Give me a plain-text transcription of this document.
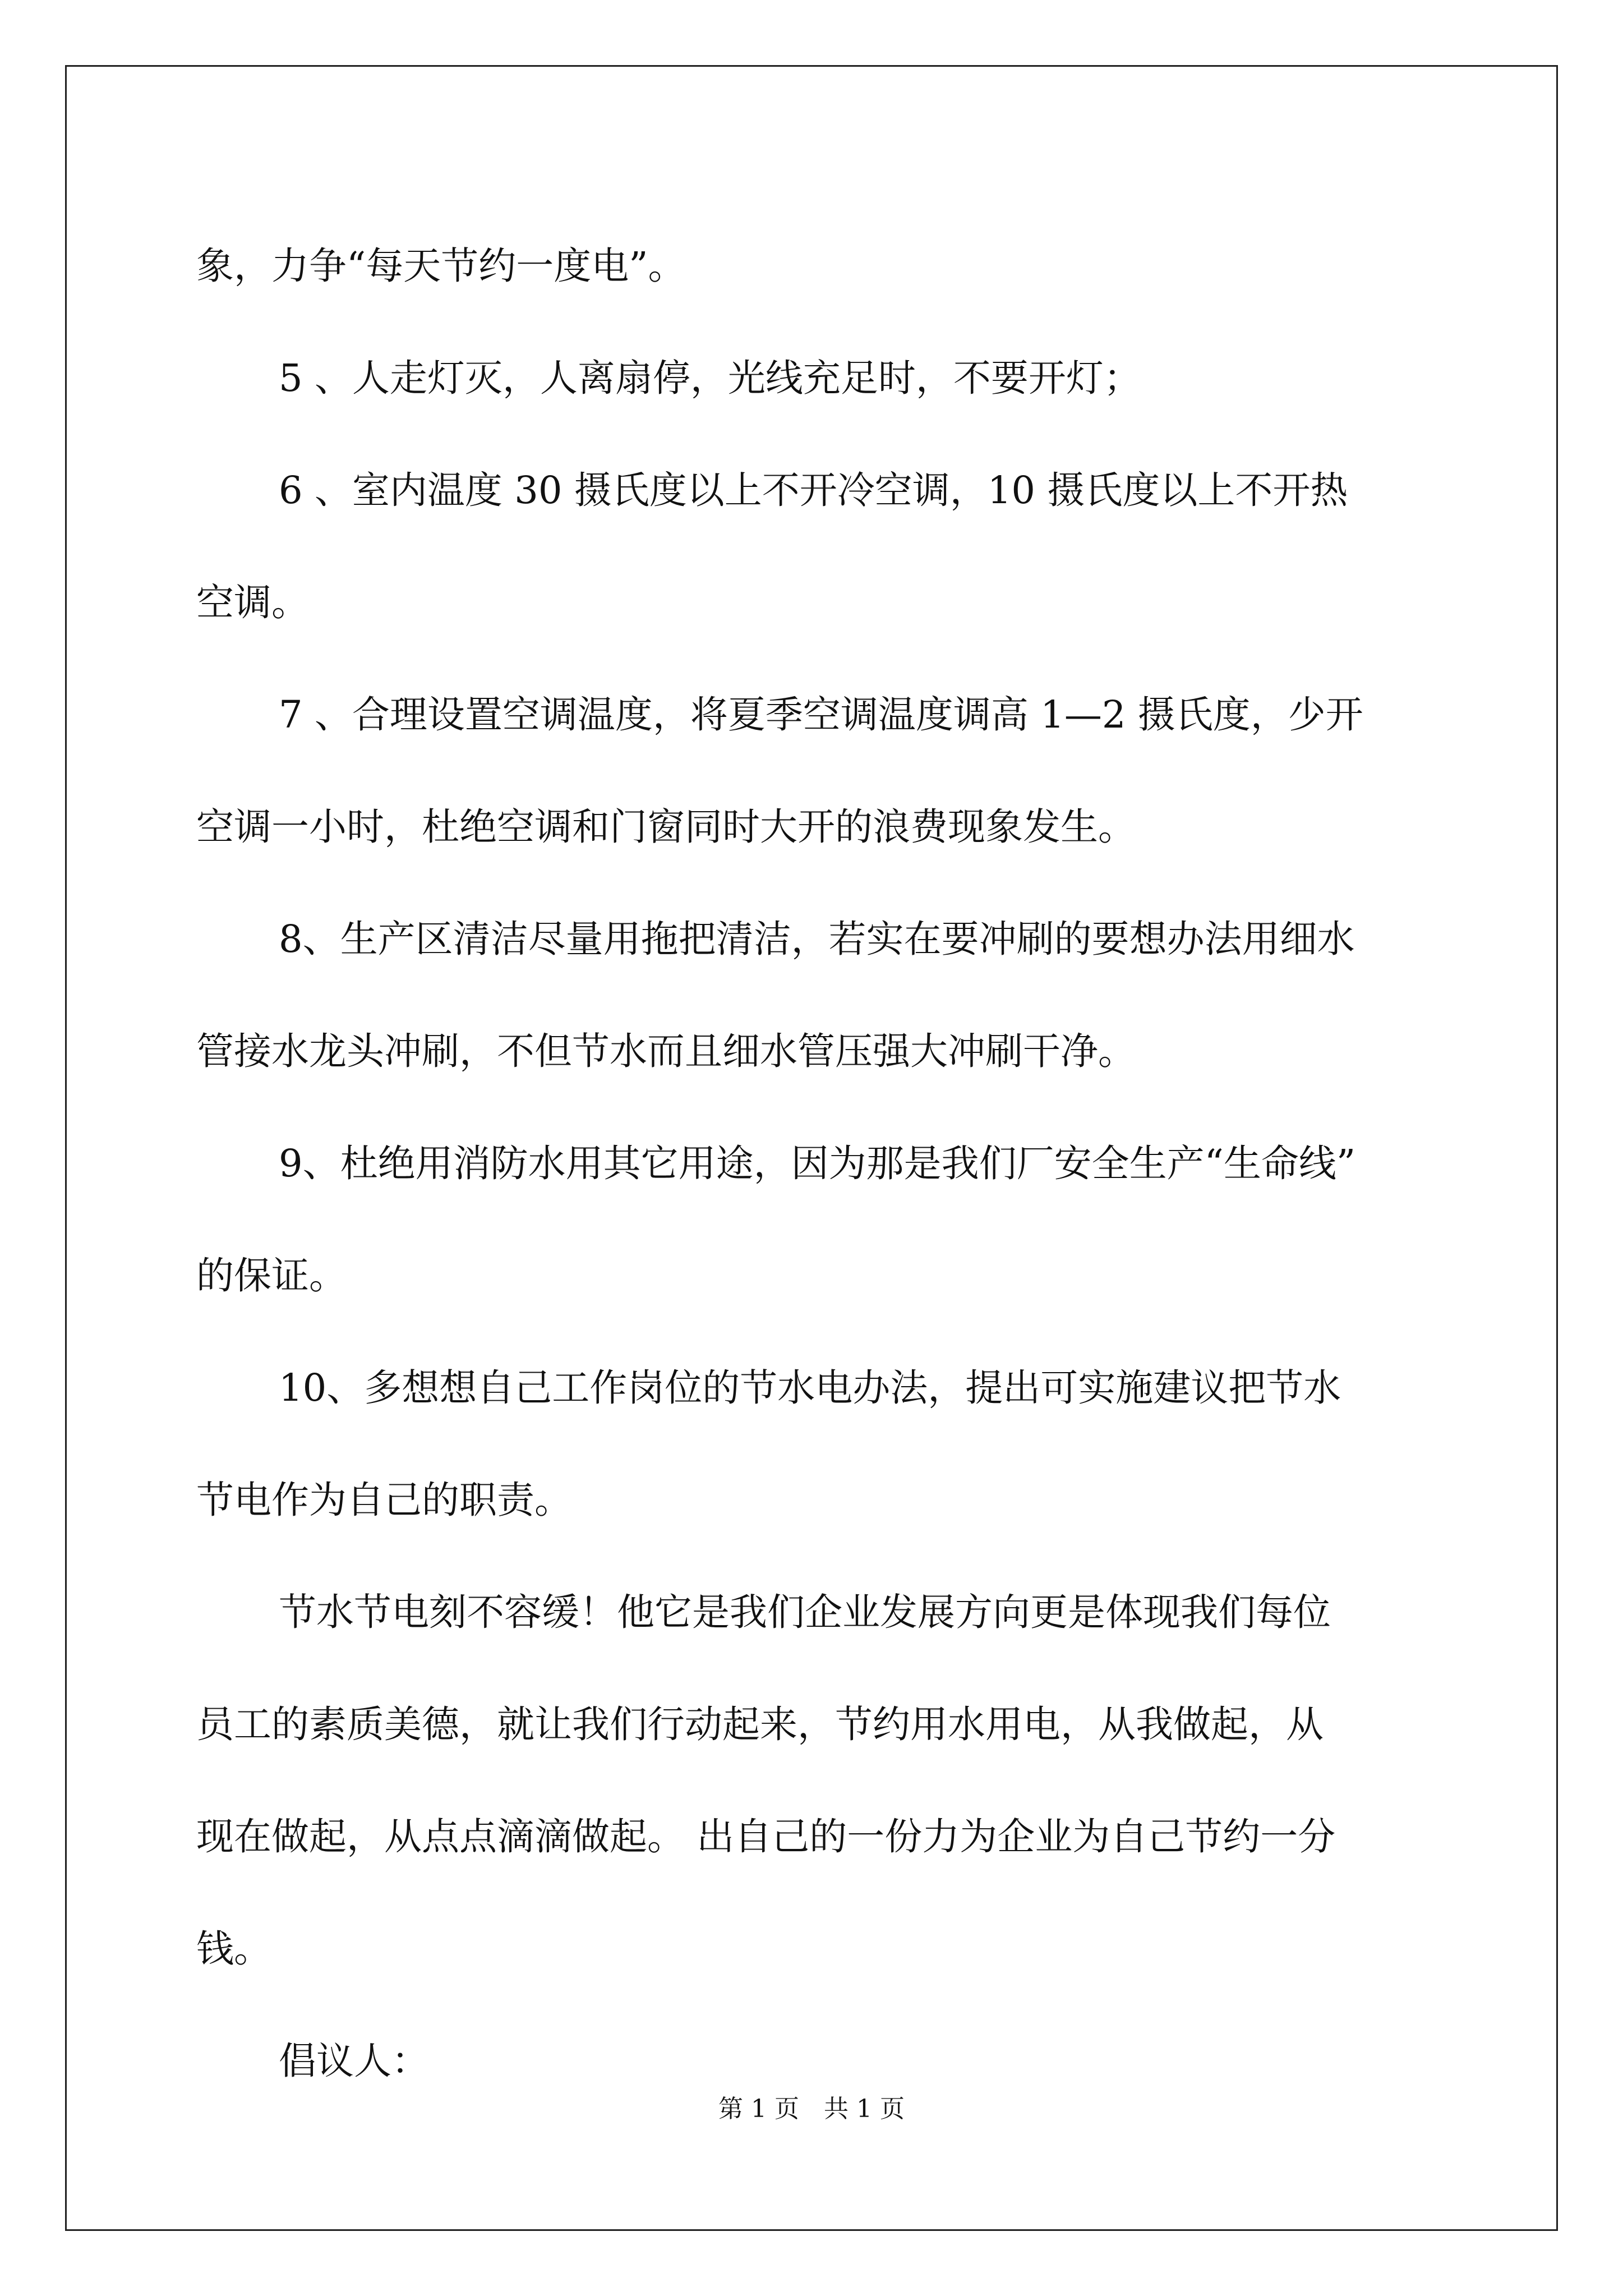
象，力争“每天节约一度电”。
5 、人走灯灭，人离扇停，光线充足时，不要开灯；
6 、室内温度 30 摄氏度以上不开冷空调，10 摄氏度以上不开热
空调。
7 、合理设置空调温度，将夏季空调温度调高 1—2 摄氏度，少开
空调一小时，杜绝空调和门窗同时大开的浪费现象发生。
8、生产区清洁尽量用拖把清洁，若实在要冲刷的要想办法用细水
管接水龙头冲刷，不但节水而且细水管压强大冲刷干净。
9、杜绝用消防水用其它用途，因为那是我们厂安全生产“生命线”
的保证。
10、多想想自己工作岗位的节水电办法，提出可实施建议把节水
节电作为自己的职责。
节水节电刻不容缓！他它是我们企业发展方向更是体现我们每位
员工的素质美德，就让我们行动起来，节约用水用电，从我做起，从
现在做起，从点点滴滴做起。 出自己的一份力为企业为自己节约一分
钱。
倡议人：
第 1 页　共 1 页
